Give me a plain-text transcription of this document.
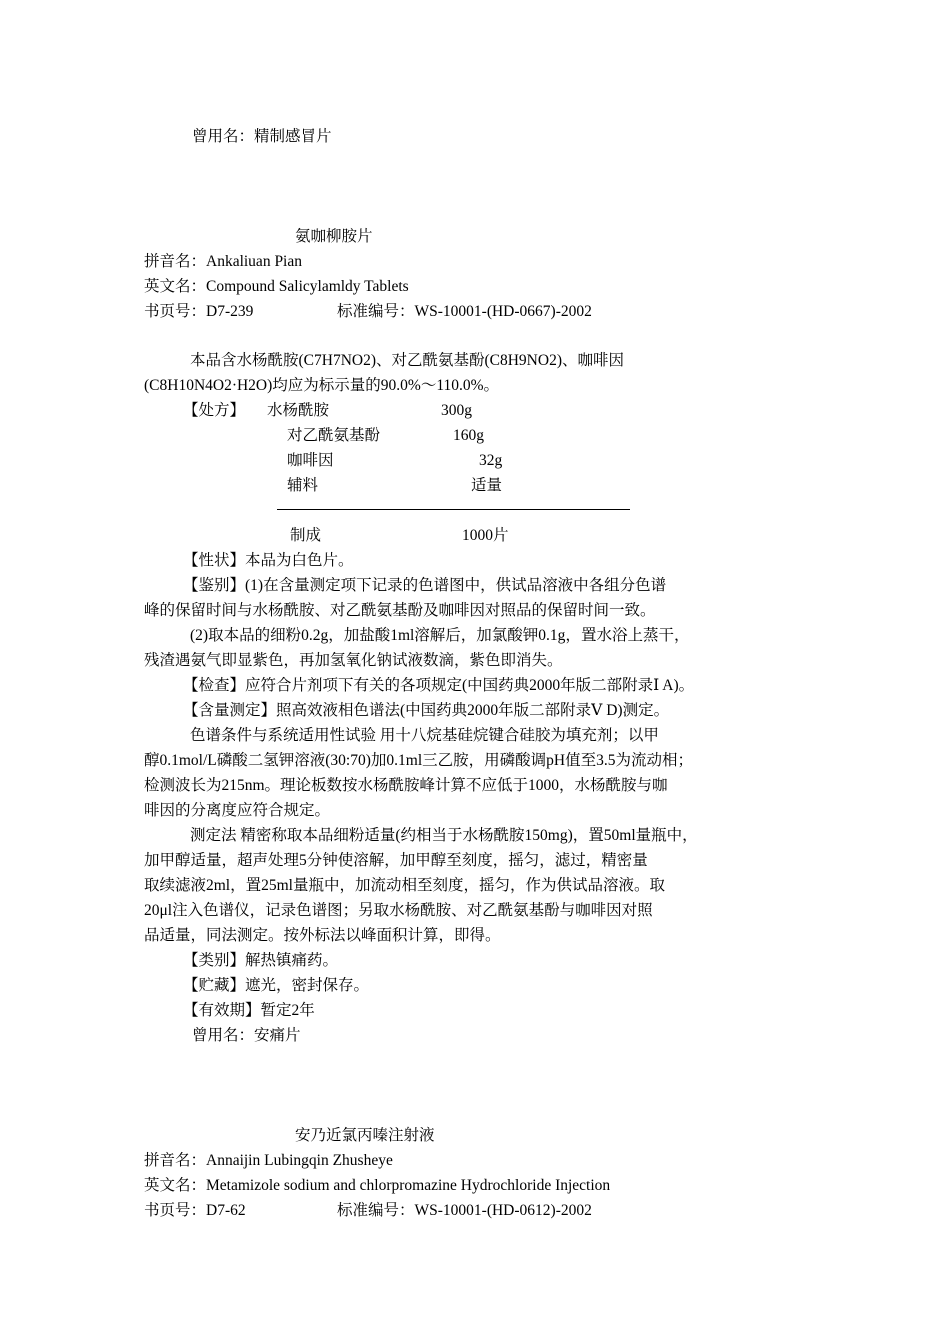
曾用名：精制感冒片
氨咖柳胺片
拼音名：Ankaliuan Pian
英文名：Compound Salicylamldy Tablets
书页号：D7-239	标准编号：WS-10001-(HD-0667)-2002
本品含水杨酰胺(C7H7NO2)、对乙酰氨基酚(C8H9NO2)、咖啡因
(C8H10N4O2·H2O)均应为标示量的90.0%～110.0%。
【处方】 水杨酰胺	300g
对乙酰氨基酚	160g
咖啡因	32g
辅料	适量
制成	1000片
【性状】本品为白色片。
【鉴别】(1)在含量测定项下记录的色谱图中，供试品溶液中各组分色谱
峰的保留时间与水杨酰胺、对乙酰氨基酚及咖啡因对照品的保留时间一致。
(2)取本品的细粉0.2g，加盐酸1ml溶解后，加氯酸钾0.1g，置水浴上蒸干，
残渣遇氨气即显紫色，再加氢氧化钠试液数滴，紫色即消失。
【检查】应符合片剂项下有关的各项规定(中国药典2000年版二部附录Ⅰ A)。
【含量测定】照高效液相色谱法(中国药典2000年版二部附录Ⅴ D)测定。
色谱条件与系统适用性试验 用十八烷基硅烷键合硅胶为填充剂；以甲
醇0.1mol/L磷酸二氢钾溶液(30:70)加0.1ml三乙胺，用磷酸调pH值至3.5为流动相；
检测波长为215nm。理论板数按水杨酰胺峰计算不应低于1000，水杨酰胺与咖
啡因的分离度应符合规定。
测定法 精密称取本品细粉适量(约相当于水杨酰胺150mg)，置50ml量瓶中，
加甲醇适量，超声处理5分钟使溶解，加甲醇至刻度，摇匀，滤过，精密量
取续滤液2ml，置25ml量瓶中，加流动相至刻度，摇匀，作为供试品溶液。取
20μl注入色谱仪，记录色谱图；另取水杨酰胺、对乙酰氨基酚与咖啡因对照
品适量，同法测定。按外标法以峰面积计算，即得。
【类别】解热镇痛药。
【贮藏】遮光，密封保存。
【有效期】暂定2年
曾用名：安痛片
安乃近氯丙嗪注射液
拼音名：Annaijin Lubingqin Zhusheye
英文名：Metamizole sodium and chlorpromazine Hydrochloride Injection
书页号：D7-62	标准编号：WS-10001-(HD-0612)-2002
